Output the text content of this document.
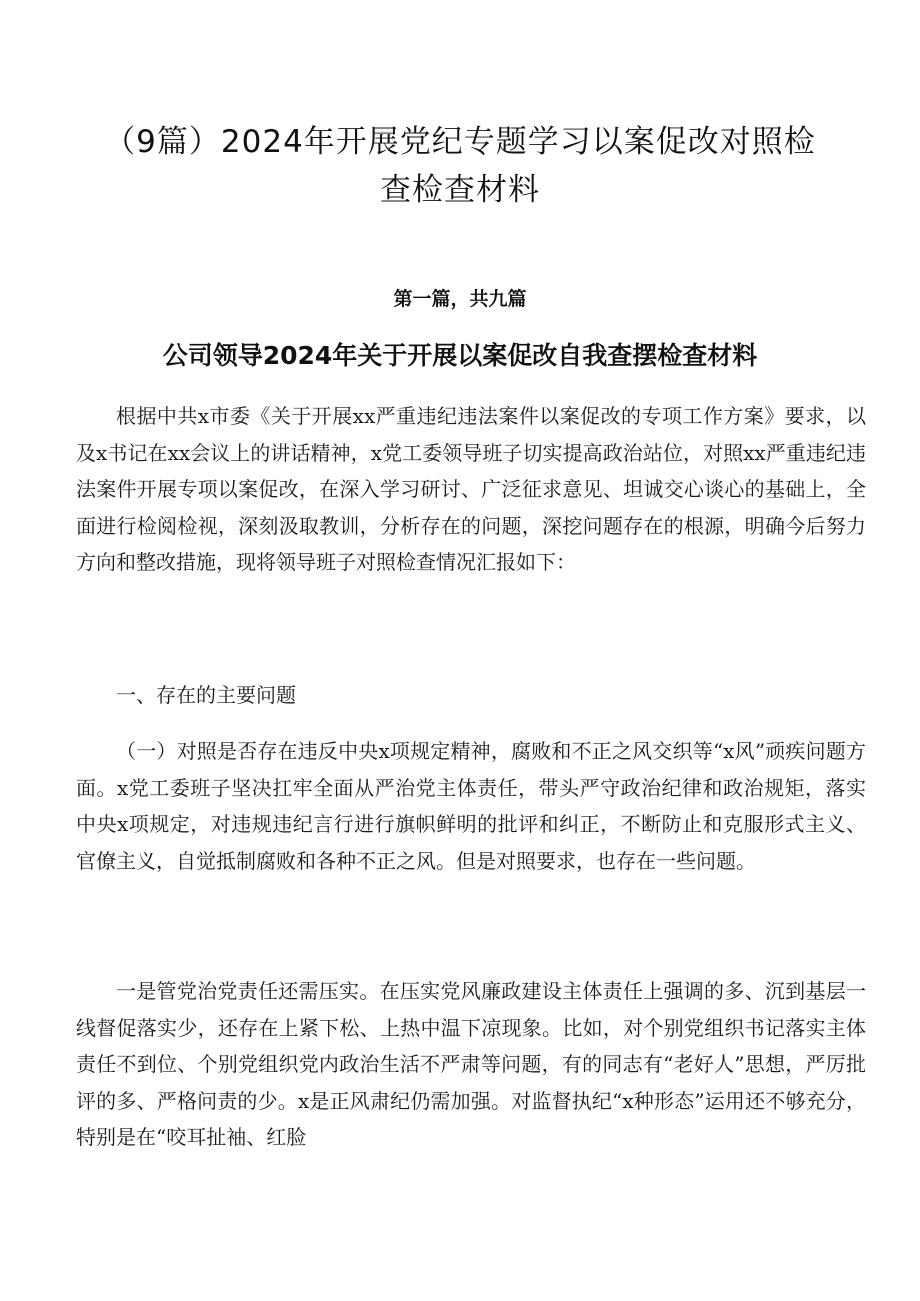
（9篇）2024年开展党纪专题学习以案促改对照检
查检查材料

第一篇，共九篇

公司领导2024年关于开展以案促改自我查摆检查材料

根据中共x市委《关于开展xx严重违纪违法案件以案促改的专项工作方案》要求，以及x书记在xx会议上的讲话精神，x党工委领导班子切实提高政治站位，对照xx严重违纪违法案件开展专项以案促改，在深入学习研讨、广泛征求意见、坦诚交心谈心的基础上，全面进行检阅检视，深刻汲取教训，分析存在的问题，深挖问题存在的根源，明确今后努力方向和整改措施，现将领导班子对照检查情况汇报如下：

一、存在的主要问题

（一）对照是否存在违反中央x项规定精神，腐败和不正之风交织等“x风”顽疾问题方面。x党工委班子坚决扛牢全面从严治党主体责任，带头严守政治纪律和政治规矩，落实中央x项规定，对违规违纪言行进行旗帜鲜明的批评和纠正，不断防止和克服形式主义、官僚主义，自觉抵制腐败和各种不正之风。但是对照要求，也存在一些问题。

一是管党治党责任还需压实。在压实党风廉政建设主体责任上强调的多、沉到基层一线督促落实少，还存在上紧下松、上热中温下凉现象。比如，对个别党组织书记落实主体责任不到位、个别党组织党内政治生活不严肃等问题，有的同志有“老好人”思想，严厉批评的多、严格问责的少。x是正风肃纪仍需加强。对监督执纪“x种形态”运用还不够充分，特别是在“咬耳扯袖、红脸
